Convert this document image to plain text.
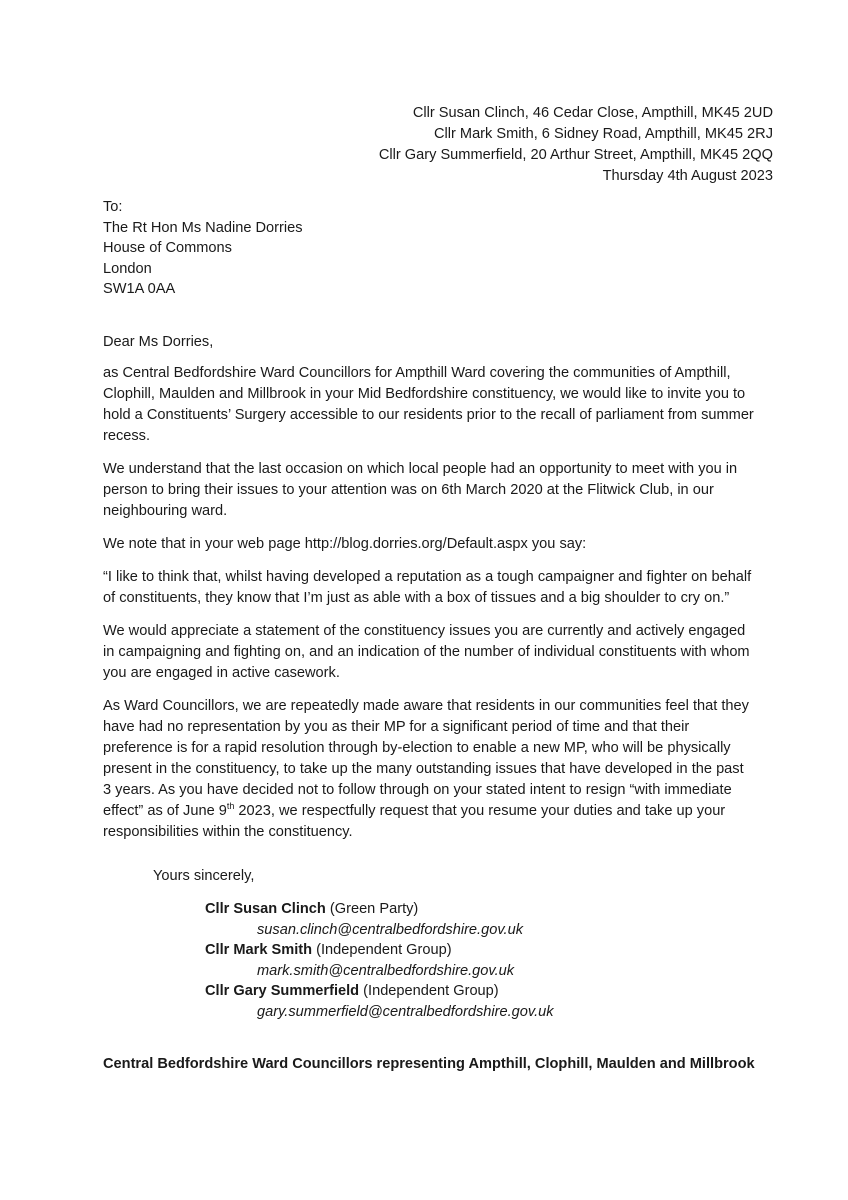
Cllr Susan Clinch, 46 Cedar Close, Ampthill, MK45 2UD
Cllr Mark Smith, 6 Sidney Road, Ampthill, MK45 2RJ
Cllr Gary Summerfield, 20 Arthur Street, Ampthill, MK45 2QQ
Thursday 4th August 2023
To:
The Rt Hon Ms Nadine Dorries
House of Commons
London
SW1A 0AA

Dear Ms Dorries,

as Central Bedfordshire Ward Councillors for Ampthill Ward covering the communities of Ampthill, Clophill, Maulden and Millbrook in your Mid Bedfordshire constituency, we would like to invite you to hold a Constituents’ Surgery accessible to our residents prior to the recall of parliament from summer recess.

We understand that the last occasion on which local people had an opportunity to meet with you in person to bring their issues to your attention was on 6th March 2020 at the Flitwick Club, in our neighbouring ward.

We note that in your web page http://blog.dorries.org/Default.aspx you say:

“I like to think that, whilst having developed a reputation as a tough campaigner and fighter on behalf of constituents, they know that I’m just as able with a box of tissues and a big shoulder to cry on.”

We would appreciate a statement of the constituency issues you are currently and actively engaged in campaigning and fighting on, and an indication of the number of individual constituents with whom you are engaged in active casework.

As Ward Councillors, we are repeatedly made aware that residents in our communities feel that they have had no representation by you as their MP for a significant period of time and that their preference is for a rapid resolution through by-election to enable a new MP, who will be physically present in the constituency, to take up the many outstanding issues that have developed in the past 3 years. As you have decided not to follow through on your stated intent to resign “with immediate effect” as of June 9th 2023, we respectfully request that you resume your duties and take up your responsibilities within the constituency.

Yours sincerely,
Cllr Susan Clinch (Green Party)
susan.clinch@centralbedfordshire.gov.uk
Cllr Mark Smith (Independent Group)
mark.smith@centralbedfordshire.gov.uk
Cllr Gary Summerfield (Independent Group)
gary.summerfield@centralbedfordshire.gov.uk
Central Bedfordshire Ward Councillors representing Ampthill, Clophill, Maulden and Millbrook
